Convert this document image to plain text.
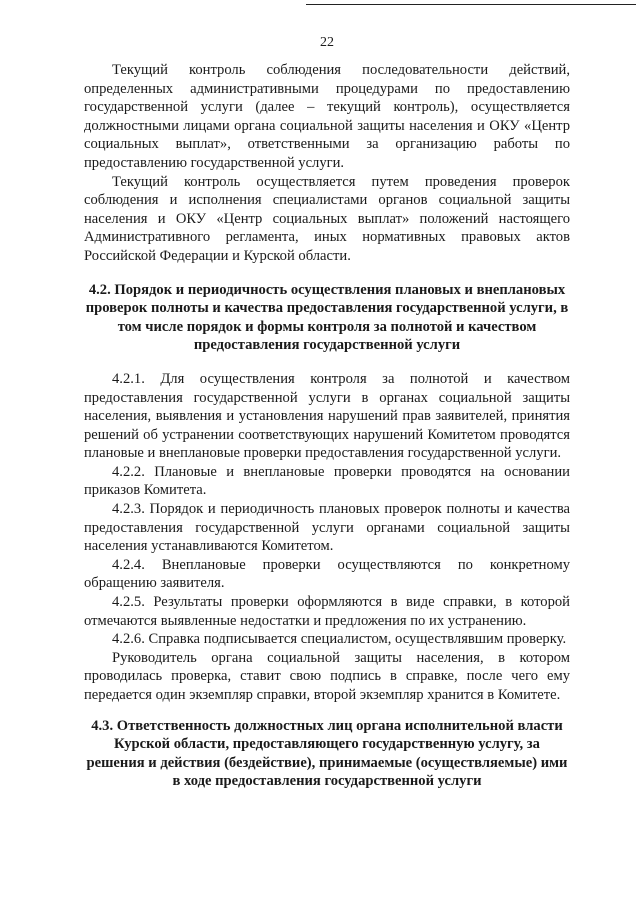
22

Текущий контроль соблюдения последовательности действий, определенных административными процедурами по предоставлению государственной услуги (далее – текущий контроль), осуществляется должностными лицами органа социальной защиты населения и ОКУ «Центр социальных выплат», ответственными за организацию работы по предоставлению государственной услуги.

Текущий контроль осуществляется путем проведения проверок соблюдения и исполнения специалистами органов социальной защиты населения и ОКУ «Центр социальных выплат» положений настоящего Административного регламента, иных нормативных правовых актов Российской Федерации и Курской области.

4.2. Порядок и периодичность осуществления плановых и внеплановых проверок полноты и качества предоставления государственной услуги, в том числе порядок и формы контроля за полнотой и качеством предоставления государственной услуги

4.2.1. Для осуществления контроля за полнотой и качеством предоставления государственной услуги в органах социальной защиты населения, выявления и установления нарушений прав заявителей, принятия решений об устранении соответствующих нарушений Комитетом проводятся плановые и внеплановые проверки предоставления государственной услуги.

4.2.2. Плановые и внеплановые проверки проводятся на основании приказов Комитета.

4.2.3. Порядок и периодичность плановых проверок полноты и качества предоставления государственной услуги органами социальной защиты населения устанавливаются Комитетом.

4.2.4. Внеплановые проверки осуществляются по конкретному обращению заявителя.

4.2.5. Результаты проверки оформляются в виде справки, в которой отмечаются выявленные недостатки и предложения по их устранению.

4.2.6. Справка подписывается специалистом, осуществлявшим проверку.

Руководитель органа социальной защиты населения, в котором проводилась проверка, ставит свою подпись в справке, после чего ему передается один экземпляр справки, второй экземпляр хранится в Комитете.

4.3. Ответственность должностных лиц органа исполнительной власти Курской области, предоставляющего государственную услугу, за решения и действия (бездействие), принимаемые (осуществляемые) ими в ходе предоставления государственной услуги
